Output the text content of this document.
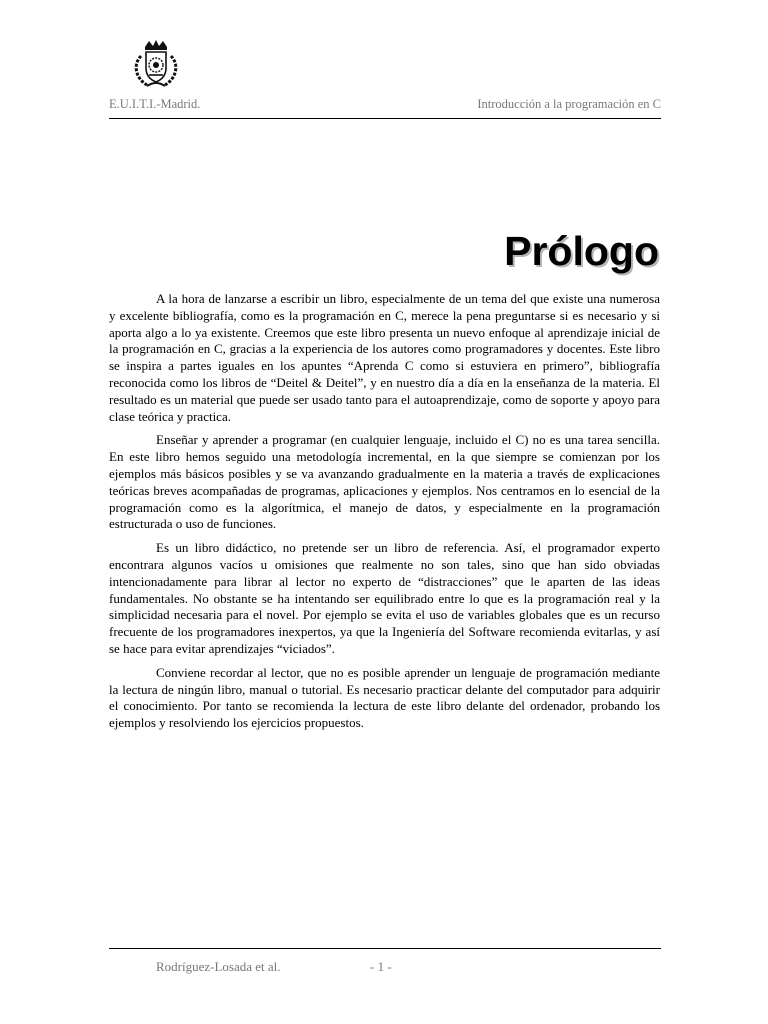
E.U.I.T.I.-Madrid.	Introducción a la programación en C
Prólogo

A la hora de lanzarse a escribir un libro, especialmente de un tema del que existe una numerosa y excelente bibliografía, como es la programación en C, merece la pena preguntarse si es necesario y si aporta algo a lo ya existente. Creemos que este libro presenta un nuevo enfoque al aprendizaje inicial de la programación en C, gracias a la experiencia de los autores como programadores y docentes. Este libro se inspira a partes iguales en los apuntes “Aprenda C como si estuviera en primero”, bibliografía reconocida como los libros de “Deitel & Deitel”, y en nuestro día a día en la enseñanza de la materia. El resultado es un material que puede ser usado tanto para el autoaprendizaje, como de soporte y apoyo para clase teórica y practica.

Enseñar y aprender a programar (en cualquier lenguaje, incluido el C) no es una tarea sencilla. En este libro hemos seguido una metodología incremental, en la que siempre se comienzan por los ejemplos más básicos posibles y se va avanzando gradualmente en la materia a través de explicaciones teóricas breves acompañadas de programas, aplicaciones y ejemplos. Nos centramos en lo esencial de la programación como es la algorítmica, el manejo de datos, y especialmente en la programación estructurada o uso de funciones.

Es un libro didáctico, no pretende ser un libro de referencia. Así, el programador experto encontrara algunos vacíos u omisiones que realmente no son tales, sino que han sido obviadas intencionadamente para librar al lector no experto de “distracciones” que le aparten de las ideas fundamentales. No obstante se ha intentando ser equilibrado entre lo que es la programación real y la simplicidad necesaria para el novel. Por ejemplo se evita el uso de variables globales que es un recurso frecuente de los programadores inexpertos, ya que la Ingeniería del Software recomienda evitarlas, y así se hace para evitar aprendizajes “viciados”.

Conviene recordar al lector, que no es posible aprender un lenguaje de programación mediante la lectura de ningún libro, manual o tutorial. Es necesario practicar delante del computador para adquirir el conocimiento. Por tanto se recomienda la lectura de este libro delante del ordenador, probando los ejemplos y resolviendo los ejercicios propuestos.

Rodríguez-Losada et al.	- 1 -
